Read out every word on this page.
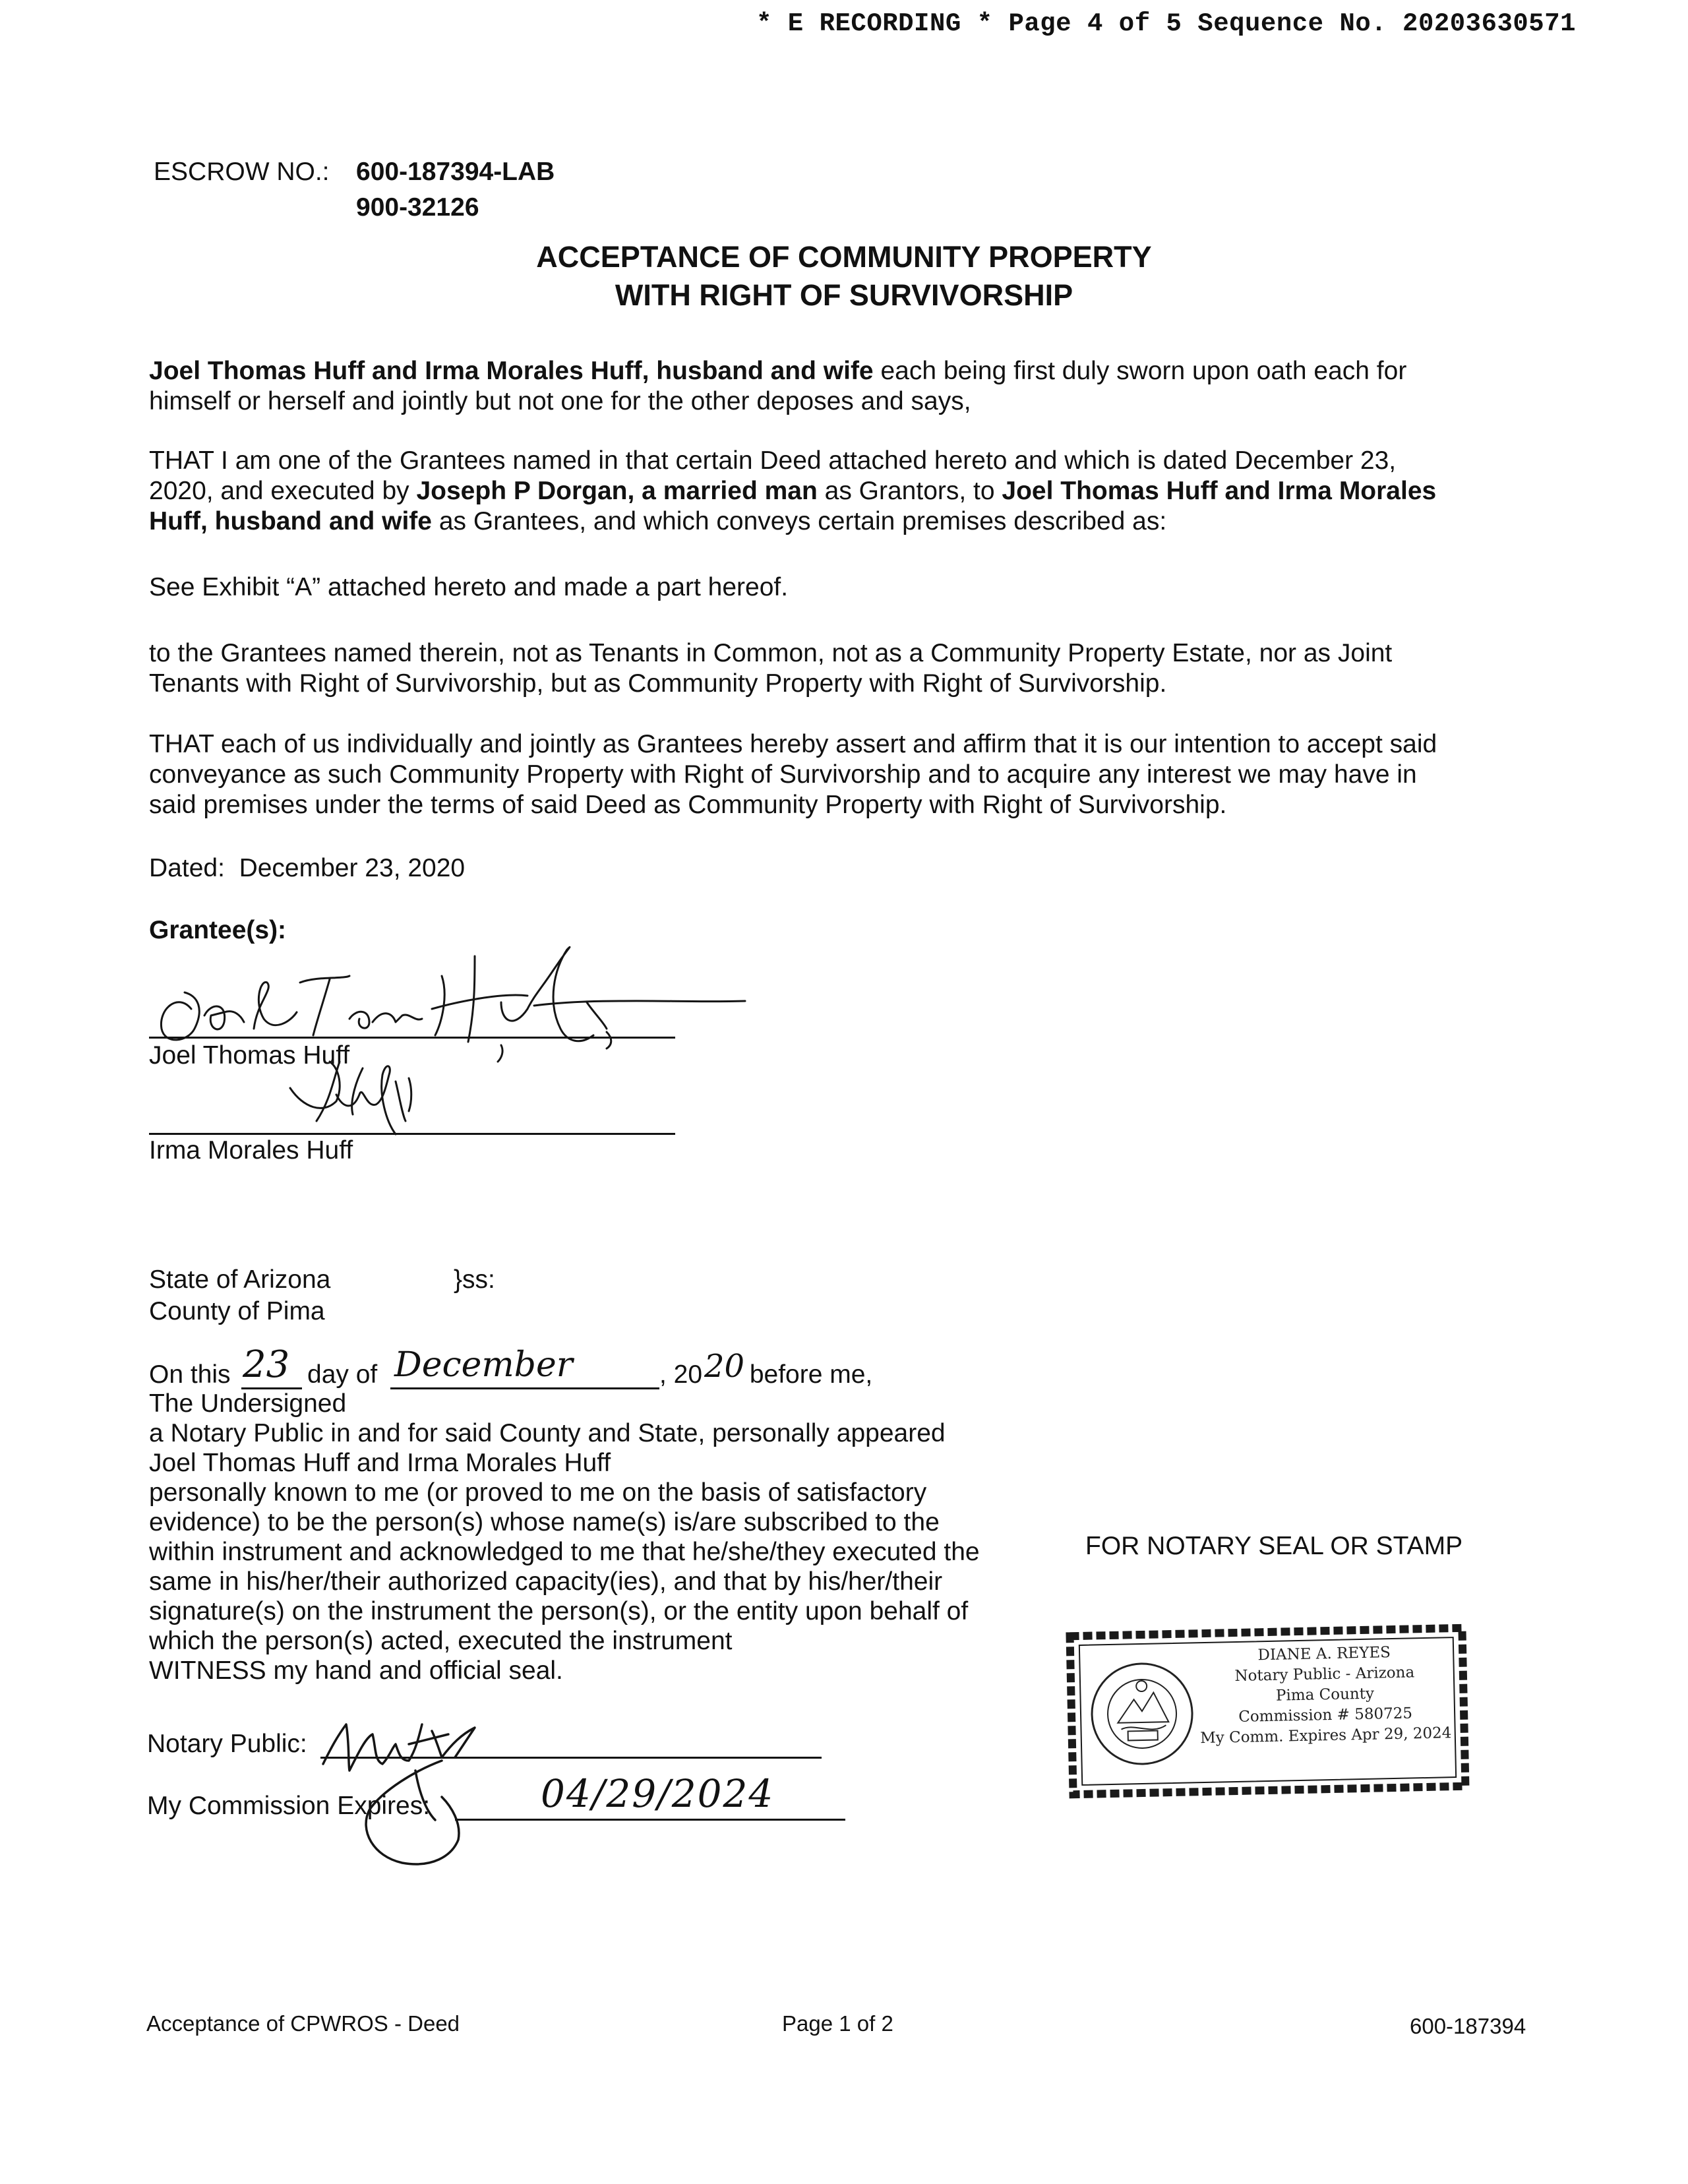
* E RECORDING * Page 4 of 5 Sequence No. 20203630571
ESCROW NO.: 600-187394-LAB
900-32126
ACCEPTANCE OF COMMUNITY PROPERTY
WITH RIGHT OF SURVIVORSHIP
Joel Thomas Huff and Irma Morales Huff, husband and wife each being first duly sworn upon oath each for
himself or herself and jointly but not one for the other deposes and says,
THAT I am one of the Grantees named in that certain Deed attached hereto and which is dated December 23,
2020, and executed by Joseph P Dorgan, a married man as Grantors, to Joel Thomas Huff and Irma Morales
Huff, husband and wife as Grantees, and which conveys certain premises described as:
See Exhibit “A” attached hereto and made a part hereof.
to the Grantees named therein, not as Tenants in Common, not as a Community Property Estate, nor as Joint
Tenants with Right of Survivorship, but as Community Property with Right of Survivorship.
THAT each of us individually and jointly as Grantees hereby assert and affirm that it is our intention to accept said
conveyance as such Community Property with Right of Survivorship and to acquire any interest we may have in
said premises under the terms of said Deed as Community Property with Right of Survivorship.
Dated:  December 23, 2020
Grantee(s):
Joel Thomas Huff
Irma Morales Huff
State of Arizona	}ss:
County of Pima
On this 23 day of December	, 20 20
before me,
The Undersigned
a Notary Public in and for said County and State, personally appeared
Joel Thomas Huff and Irma Morales Huff
personally known to me (or proved to me on the basis of satisfactory
evidence) to be the person(s) whose name(s) is/are subscribed to the
within instrument and acknowledged to me that he/she/they executed the
same in his/her/their authorized capacity(ies), and that by his/her/their
signature(s) on the instrument the person(s), or the entity upon behalf of
which the person(s) acted, executed the instrument
WITNESS my hand and official seal.
Notary Public:
My Commission Expires:	04/29/2024
FOR NOTARY SEAL OR STAMP
DIANE A. REYES
Notary Public - Arizona
Pima County
Commission # 580725
My Comm. Expires Apr 29, 2024
Acceptance of CPWROS - Deed	Page 1 of 2	600-187394
